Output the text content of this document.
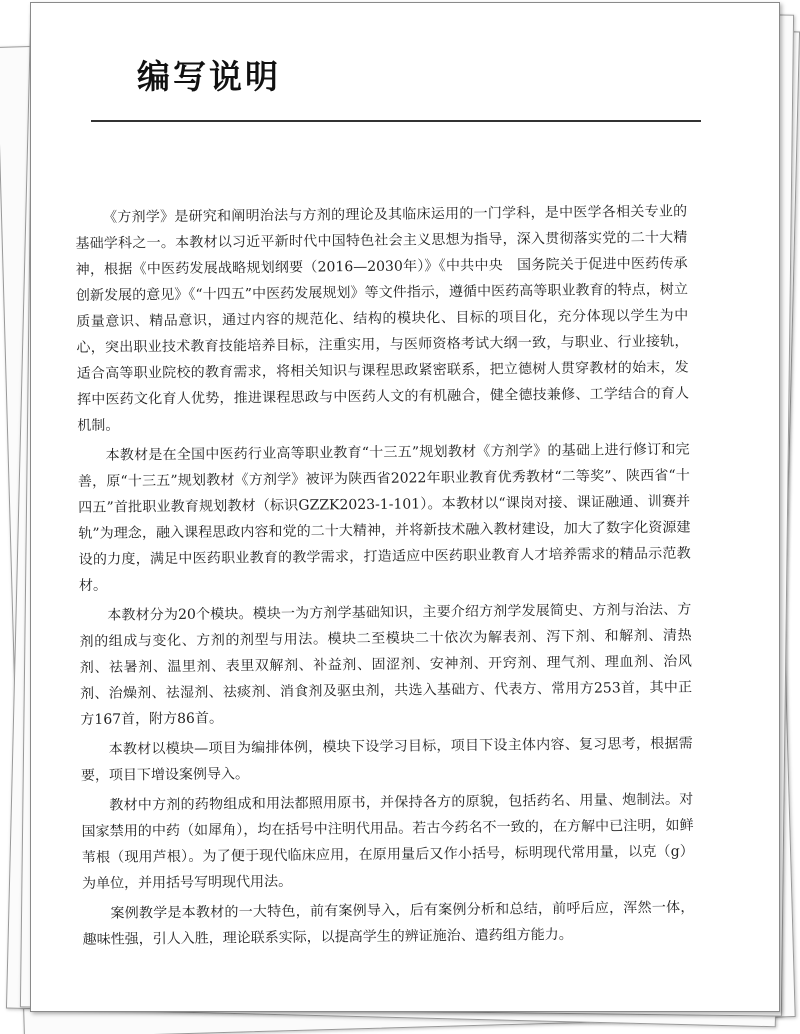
编写说明

《方剂学》是研究和阐明治法与方剂的理论及其临床运用的一门学科，是中医学各相关专业的基础学科之一。本教材以习近平新时代中国特色社会主义思想为指导，深入贯彻落实党的二十大精神，根据《中医药发展战略规划纲要（2016—2030年）》《中共中央　国务院关于促进中医药传承创新发展的意见》《“十四五”中医药发展规划》等文件指示，遵循中医药高等职业教育的特点，树立质量意识、精品意识，通过内容的规范化、结构的模块化、目标的项目化，充分体现以学生为中心，突出职业技术教育技能培养目标，注重实用，与医师资格考试大纲一致，与职业、行业接轨，适合高等职业院校的教育需求，将相关知识与课程思政紧密联系，把立德树人贯穿教材的始末，发挥中医药文化育人优势，推进课程思政与中医药人文的有机融合，健全德技兼修、工学结合的育人机制。

本教材是在全国中医药行业高等职业教育“十三五”规划教材《方剂学》的基础上进行修订和完善，原“十三五”规划教材《方剂学》被评为陕西省2022年职业教育优秀教材“二等奖”、陕西省“十四五”首批职业教育规划教材（标识GZZK2023-1-101）。本教材以“课岗对接、课证融通、训赛并轨”为理念，融入课程思政内容和党的二十大精神，并将新技术融入教材建设，加大了数字化资源建设的力度，满足中医药职业教育的教学需求，打造适应中医药职业教育人才培养需求的精品示范教材。

本教材分为20个模块。模块一为方剂学基础知识，主要介绍方剂学发展简史、方剂与治法、方剂的组成与变化、方剂的剂型与用法。模块二至模块二十依次为解表剂、泻下剂、和解剂、清热剂、祛暑剂、温里剂、表里双解剂、补益剂、固涩剂、安神剂、开窍剂、理气剂、理血剂、治风剂、治燥剂、祛湿剂、祛痰剂、消食剂及驱虫剂，共选入基础方、代表方、常用方253首，其中正方167首，附方86首。

本教材以模块—项目为编排体例，模块下设学习目标，项目下设主体内容、复习思考，根据需要，项目下增设案例导入。

教材中方剂的药物组成和用法都照用原书，并保持各方的原貌，包括药名、用量、炮制法。对国家禁用的中药（如犀角），均在括号中注明代用品。若古今药名不一致的，在方解中已注明，如鲜苇根（现用芦根）。为了便于现代临床应用，在原用量后又作小括号，标明现代常用量，以克（g）为单位，并用括号写明现代用法。

案例教学是本教材的一大特色，前有案例导入，后有案例分析和总结，前呼后应，浑然一体，趣味性强，引人入胜，理论联系实际，以提高学生的辨证施治、遣药组方能力。
